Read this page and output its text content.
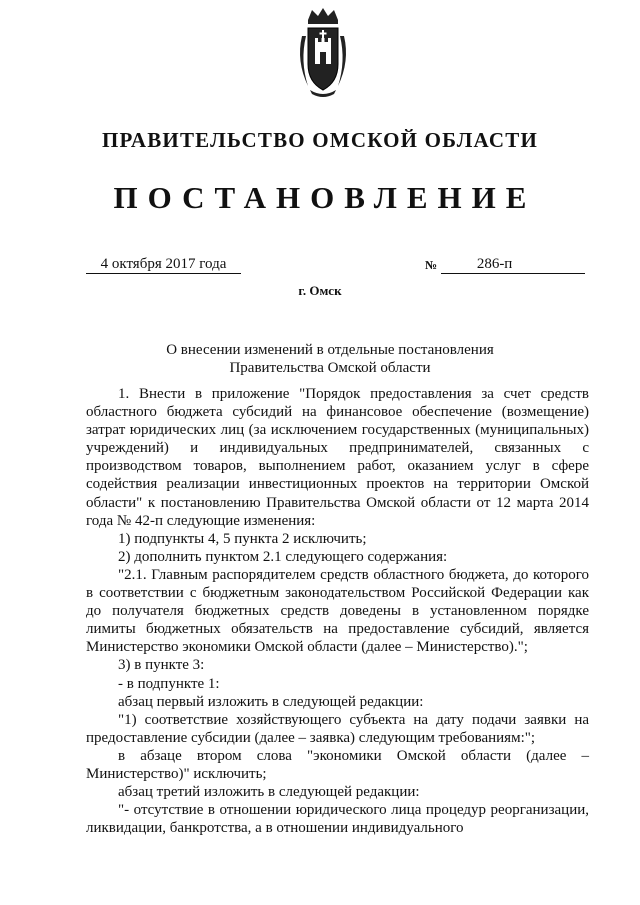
ПРАВИТЕЛЬСТВО ОМСКОЙ ОБЛАСТИ
ПОСТАНОВЛЕНИЕ
4 октября 2017 года	№	286-п
г. Омск
О внесении изменений в отдельные постановления
Правительства Омской области

1. Внести в приложение "Порядок предоставления за счет средств областного бюджета субсидий на финансовое обеспечение (возмещение) затрат юридических лиц (за исключением государственных (муниципальных) учреждений) и индивидуальных предпринимателей, связанных с производством товаров, выполнением работ, оказанием услуг в сфере содействия реализации инвестиционных проектов на территории Омской области" к постановлению Правительства Омской области от 12 марта 2014 года № 42-п следующие изменения:

1) подпункты 4, 5 пункта 2 исключить;

2) дополнить пунктом 2.1 следующего содержания:

"2.1. Главным распорядителем средств областного бюджета, до которого в соответствии с бюджетным законодательством Российской Федерации как до получателя бюджетных средств доведены в установленном порядке лимиты бюджетных обязательств на предоставление субсидий, является Министерство экономики Омской области (далее – Министерство).";

3) в пункте 3:

- в подпункте 1:

абзац первый изложить в следующей редакции:

"1) соответствие хозяйствующего субъекта на дату подачи заявки на предоставление субсидии (далее – заявка) следующим требованиям:";

в абзаце втором слова "экономики Омской области (далее – Министерство)" исключить;

абзац третий изложить в следующей редакции:

"- отсутствие в отношении юридического лица процедур реорганизации, ликвидации, банкротства, а в отношении индивидуального
